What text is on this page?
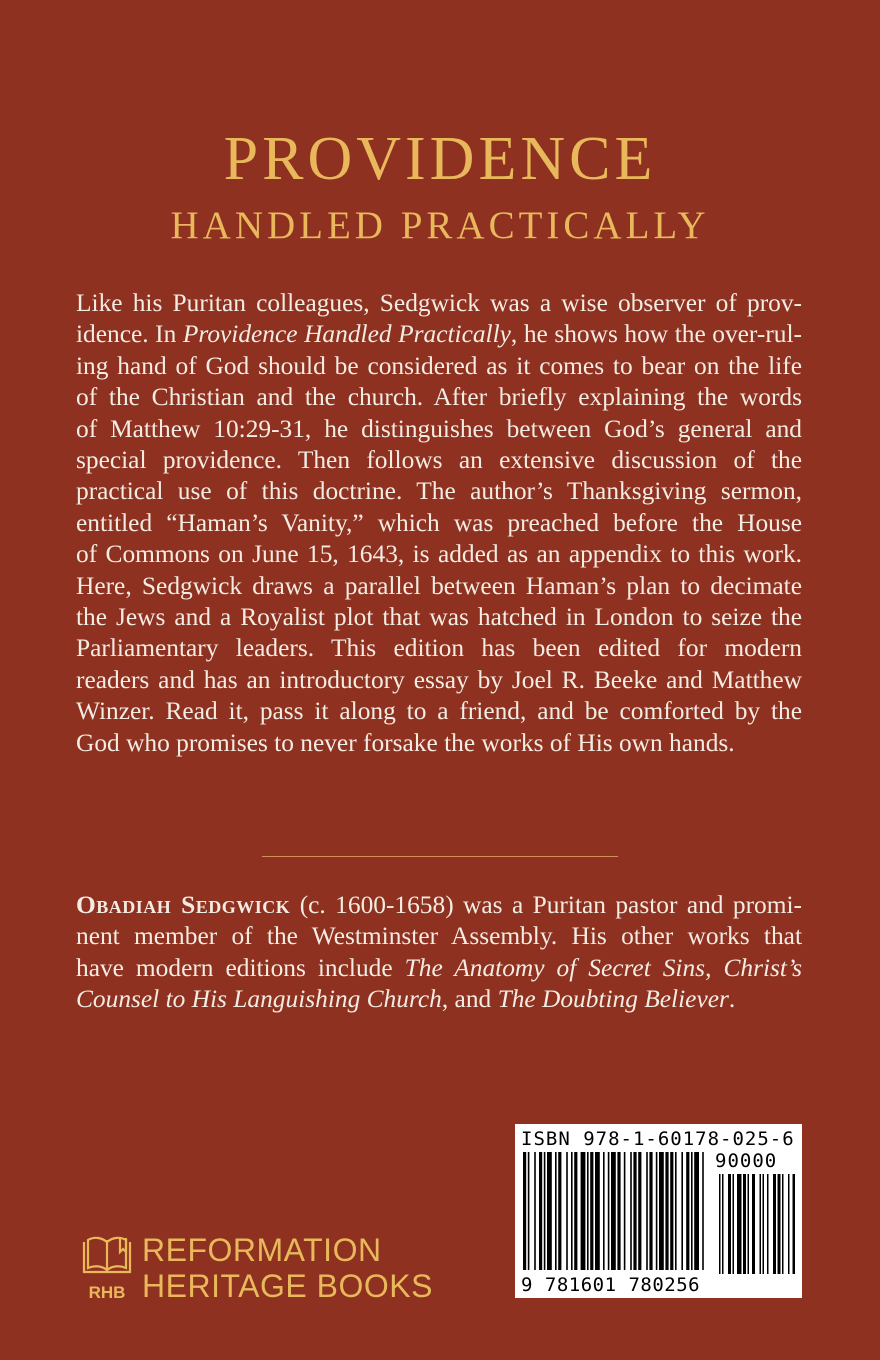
PROVIDENCE
HANDLED PRACTICALLY
Like his Puritan colleagues, Sedgwick was a wise observer of prov-
idence. In Providence Handled Practically, he shows how the over-rul-
ing hand of God should be considered as it comes to bear on the life
of the Christian and the church. After briefly explaining the words
of Matthew 10:29-31, he distinguishes between God’s general and
special providence. Then follows an extensive discussion of the
practical use of this doctrine. The author’s Thanksgiving sermon,
entitled “Haman’s Vanity,” which was preached before the House
of Commons on June 15, 1643, is added as an appendix to this work.
Here, Sedgwick draws a parallel between Haman’s plan to decimate
the Jews and a Royalist plot that was hatched in London to seize the
Parliamentary leaders. This edition has been edited for modern
readers and has an introductory essay by Joel R. Beeke and Matthew
Winzer. Read it, pass it along to a friend, and be comforted by the
God who promises to never forsake the works of His own hands.
Obadiah Sedgwick (c. 1600-1658) was a Puritan pastor and promi-
nent member of the Westminster Assembly. His other works that
have modern editions include The Anatomy of Secret Sins, Christ’s
Counsel to His Languishing Church, and The Doubting Believer.
RHB
REFORMATION
HERITAGE BOOKS
ISBN 978-1-60178-025-6
90000
9 781601 780256
